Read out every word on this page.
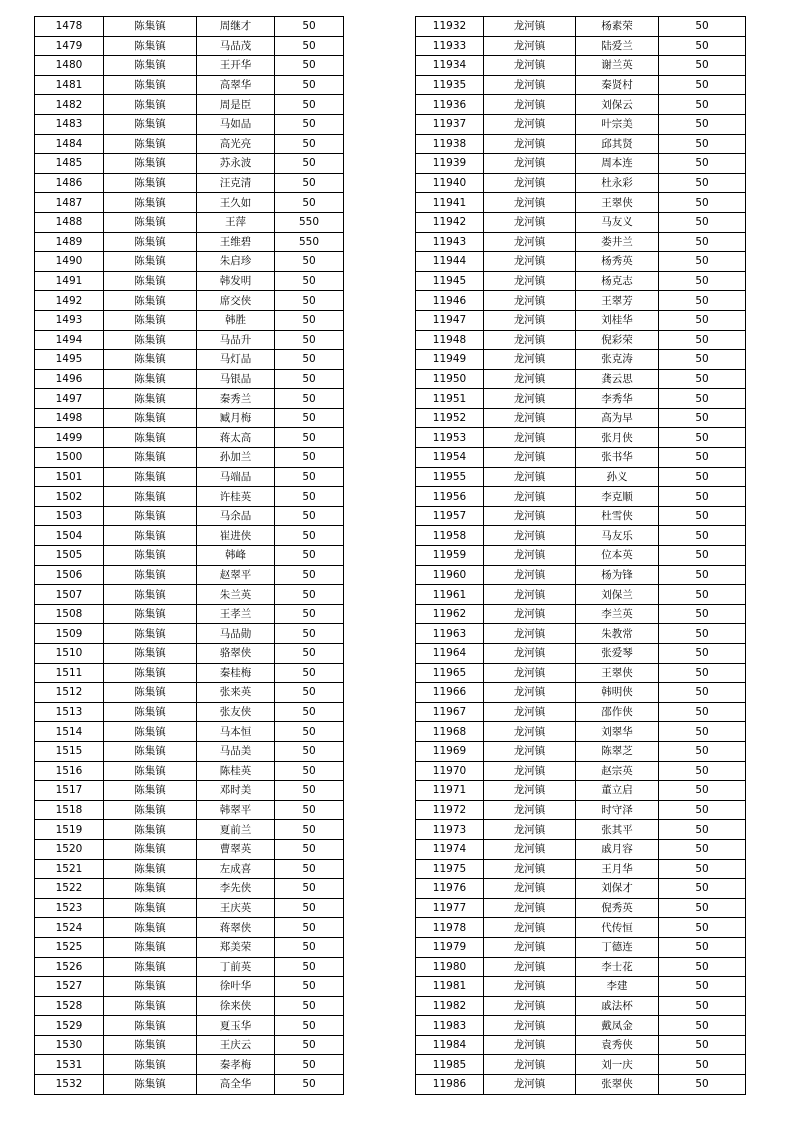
1478	陈集镇	周继才	50
1479	陈集镇	马品茂	50
1480	陈集镇	王开华	50
1481	陈集镇	高翠华	50
1482	陈集镇	周是臣	50
1483	陈集镇	马如品	50
1484	陈集镇	高光亮	50
1485	陈集镇	苏永波	50
1486	陈集镇	汪克清	50
1487	陈集镇	王久如	50
1488	陈集镇	王萍	550
1489	陈集镇	王维碧	550
1490	陈集镇	朱启珍	50
1491	陈集镇	韩发明	50
1492	陈集镇	席交侠	50
1493	陈集镇	韩胜	50
1494	陈集镇	马品升	50
1495	陈集镇	马灯品	50
1496	陈集镇	马银品	50
1497	陈集镇	秦秀兰	50
1498	陈集镇	臧月梅	50
1499	陈集镇	蒋太高	50
1500	陈集镇	孙加兰	50
1501	陈集镇	马端品	50
1502	陈集镇	许桂英	50
1503	陈集镇	马余品	50
1504	陈集镇	崔进侠	50
1505	陈集镇	韩峰	50
1506	陈集镇	赵翠平	50
1507	陈集镇	朱兰英	50
1508	陈集镇	王孝兰	50
1509	陈集镇	马品勋	50
1510	陈集镇	骆翠侠	50
1511	陈集镇	秦桂梅	50
1512	陈集镇	张来英	50
1513	陈集镇	张友侠	50
1514	陈集镇	马本恒	50
1515	陈集镇	马品美	50
1516	陈集镇	陈桂英	50
1517	陈集镇	邓时美	50
1518	陈集镇	韩翠平	50
1519	陈集镇	夏前兰	50
1520	陈集镇	曹翠英	50
1521	陈集镇	左成喜	50
1522	陈集镇	李先侠	50
1523	陈集镇	王庆英	50
1524	陈集镇	蒋翠侠	50
1525	陈集镇	郑美荣	50
1526	陈集镇	丁前英	50
1527	陈集镇	徐叶华	50
1528	陈集镇	徐来侠	50
1529	陈集镇	夏玉华	50
1530	陈集镇	王庆云	50
1531	陈集镇	秦孝梅	50
1532	陈集镇	高全华	50
11932	龙河镇	杨素荣	50
11933	龙河镇	陆爱兰	50
11934	龙河镇	谢兰英	50
11935	龙河镇	秦贤村	50
11936	龙河镇	刘保云	50
11937	龙河镇	叶宗美	50
11938	龙河镇	邱其贤	50
11939	龙河镇	周本连	50
11940	龙河镇	杜永彩	50
11941	龙河镇	王翠侠	50
11942	龙河镇	马友义	50
11943	龙河镇	娄井兰	50
11944	龙河镇	杨秀英	50
11945	龙河镇	杨克志	50
11946	龙河镇	王翠芳	50
11947	龙河镇	刘桂华	50
11948	龙河镇	倪彩荣	50
11949	龙河镇	张克涛	50
11950	龙河镇	龚云思	50
11951	龙河镇	李秀华	50
11952	龙河镇	高为早	50
11953	龙河镇	张月侠	50
11954	龙河镇	张书华	50
11955	龙河镇	孙义	50
11956	龙河镇	李克顺	50
11957	龙河镇	杜雪侠	50
11958	龙河镇	马友乐	50
11959	龙河镇	位本英	50
11960	龙河镇	杨为锋	50
11961	龙河镇	刘保兰	50
11962	龙河镇	李兰英	50
11963	龙河镇	朱教常	50
11964	龙河镇	张爱琴	50
11965	龙河镇	王翠侠	50
11966	龙河镇	韩明侠	50
11967	龙河镇	邵作侠	50
11968	龙河镇	刘翠华	50
11969	龙河镇	陈翠芝	50
11970	龙河镇	赵宗英	50
11971	龙河镇	董立启	50
11972	龙河镇	时守泽	50
11973	龙河镇	张其平	50
11974	龙河镇	戚月容	50
11975	龙河镇	王月华	50
11976	龙河镇	刘保才	50
11977	龙河镇	倪秀英	50
11978	龙河镇	代传恒	50
11979	龙河镇	丁德连	50
11980	龙河镇	李士花	50
11981	龙河镇	李建	50
11982	龙河镇	戚法杯	50
11983	龙河镇	戴凤金	50
11984	龙河镇	袁秀侠	50
11985	龙河镇	刘一庆	50
11986	龙河镇	张翠侠	50
